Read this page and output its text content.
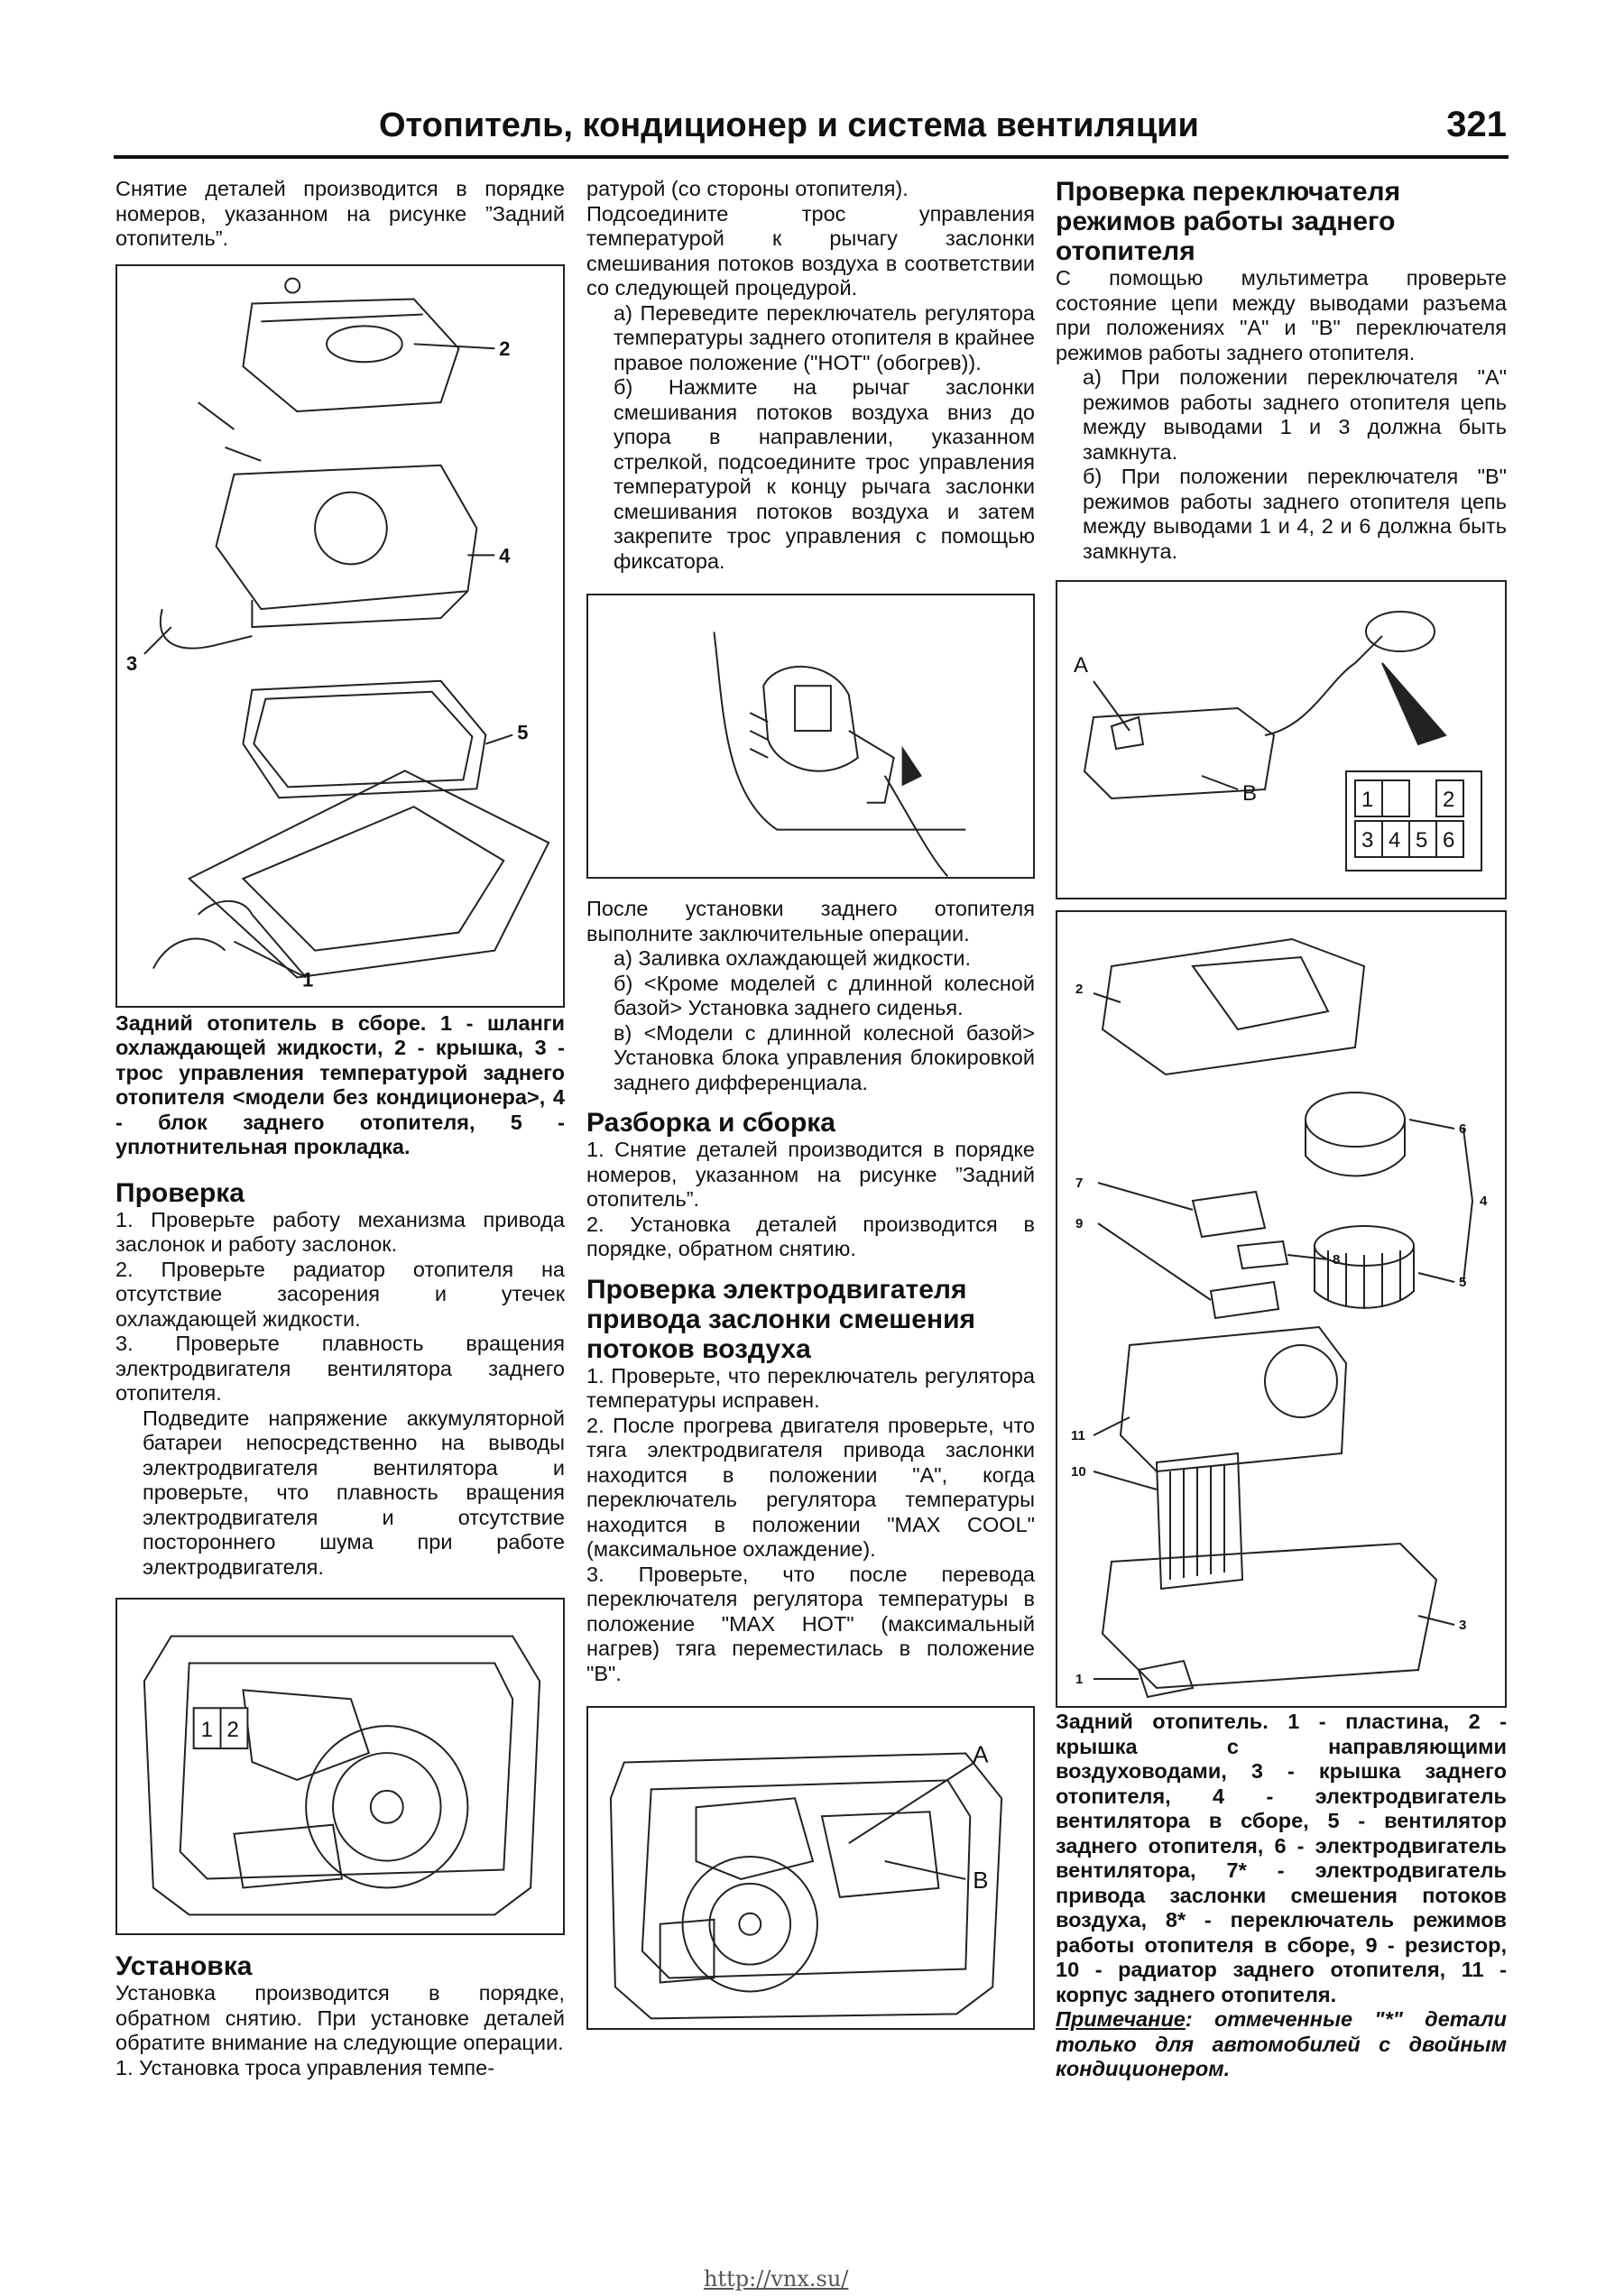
Отопитель, кондиционер и система вентиляции	321

Снятие деталей производится в порядке номеров, указанном на рисунке ”Задний отопитель”.

1
2
3
4
5

Задний отопитель в сборе. 1 - шланги охлаждающей жидкости, 2 - крышка, 3 - трос управления температурой заднего отопителя <модели без кондиционера>, 4 - блок заднего отопителя, 5 - уплотнительная прокладка.

Проверка

1. Проверьте работу механизма привода заслонок и работу заслонок.

2. Проверьте радиатор отопителя на отсутствие засорения и утечек охлаждающей жидкости.

3. Проверьте плавность вращения электродвигателя вентилятора заднего отопителя.

Подведите напряжение аккумуляторной батареи непосредственно на выводы электродвигателя вентилятора и проверьте, что плавность вращения электродвигателя и отсутствие постороннего шума при работе электродвигателя.

1 2
Установка

Установка производится в порядке, обратном снятию. При установке деталей обратите внимание на следующие операции.

1. Установка троса управления темпе-

ратурой (со стороны отопителя).

Подсоедините трос управления температурой к рычагу заслонки смешивания потоков воздуха в соответствии со следующей процедурой.

а) Переведите переключатель регулятора температуры заднего отопителя в крайнее правое положение ("HOT" (обогрев)).

б) Нажмите на рычаг заслонки смешивания потоков воздуха вниз до упора в направлении, указанном стрелкой, подсоедините трос управления температурой к концу рычага заслонки смешивания потоков воздуха и затем закрепите трос управления с помощью фиксатора.

После установки заднего отопителя выполните заключительные операции.

а) Заливка охлаждающей жидкости.

б) <Кроме моделей с длинной колесной базой> Установка заднего сиденья.

в) <Модели с длинной колесной базой> Установка блока управления блокировкой заднего дифференциала.

Разборка и сборка

1. Снятие деталей производится в порядке номеров, указанном на рисунке ”Задний отопитель”.

2. Установка деталей производится в порядке, обратном снятию.

Проверка электродвигателя привода заслонки смешения потоков воздуха

1. Проверьте, что переключатель регулятора температуры исправен.

2. После прогрева двигателя проверьте, что тяга электродвигателя привода заслонки находится в положении "А", когда переключатель регулятора температуры находится в положении "MAX COOL" (максимальное охлаждение).

3. Проверьте, что после перевода переключателя регулятора температуры в положение "MAX HOT" (максимальный нагрев) тяга переместилась в положение "В".

A
B
Проверка переключателя режимов работы заднего отопителя

С помощью мультиметра проверьте состояние цепи между выводами разъема при положениях "А" и "В" переключателя режимов работы заднего отопителя.

а) При положении переключателя "А" режимов работы заднего отопителя цепь между выводами 1 и 3 должна быть замкнута.

б) При положении переключателя "В" режимов работы заднего отопителя цепь между выводами 1 и 4, 2 и 6 должна быть замкнута.

A
B	1	2
3 4 5 6
1
2
3
4
5
6
7
8
9
10
11

Задний отопитель. 1 - пластина, 2 - крышка с направляющими воздуховодами, 3 - крышка заднего отопителя, 4 - электродвигатель вентилятора в сборе, 5 - вентилятор заднего отопителя, 6 - электродвигатель вентилятора, 7* - электродвигатель привода заслонки смешения потоков воздуха, 8* - переключатель режимов работы отопителя в сборе, 9 - резистор, 10 - радиатор заднего отопителя, 11 - корпус заднего отопителя.

Примечание: отмеченные "*" детали только для автомобилей с двойным кондиционером.

http://vnx.su/
